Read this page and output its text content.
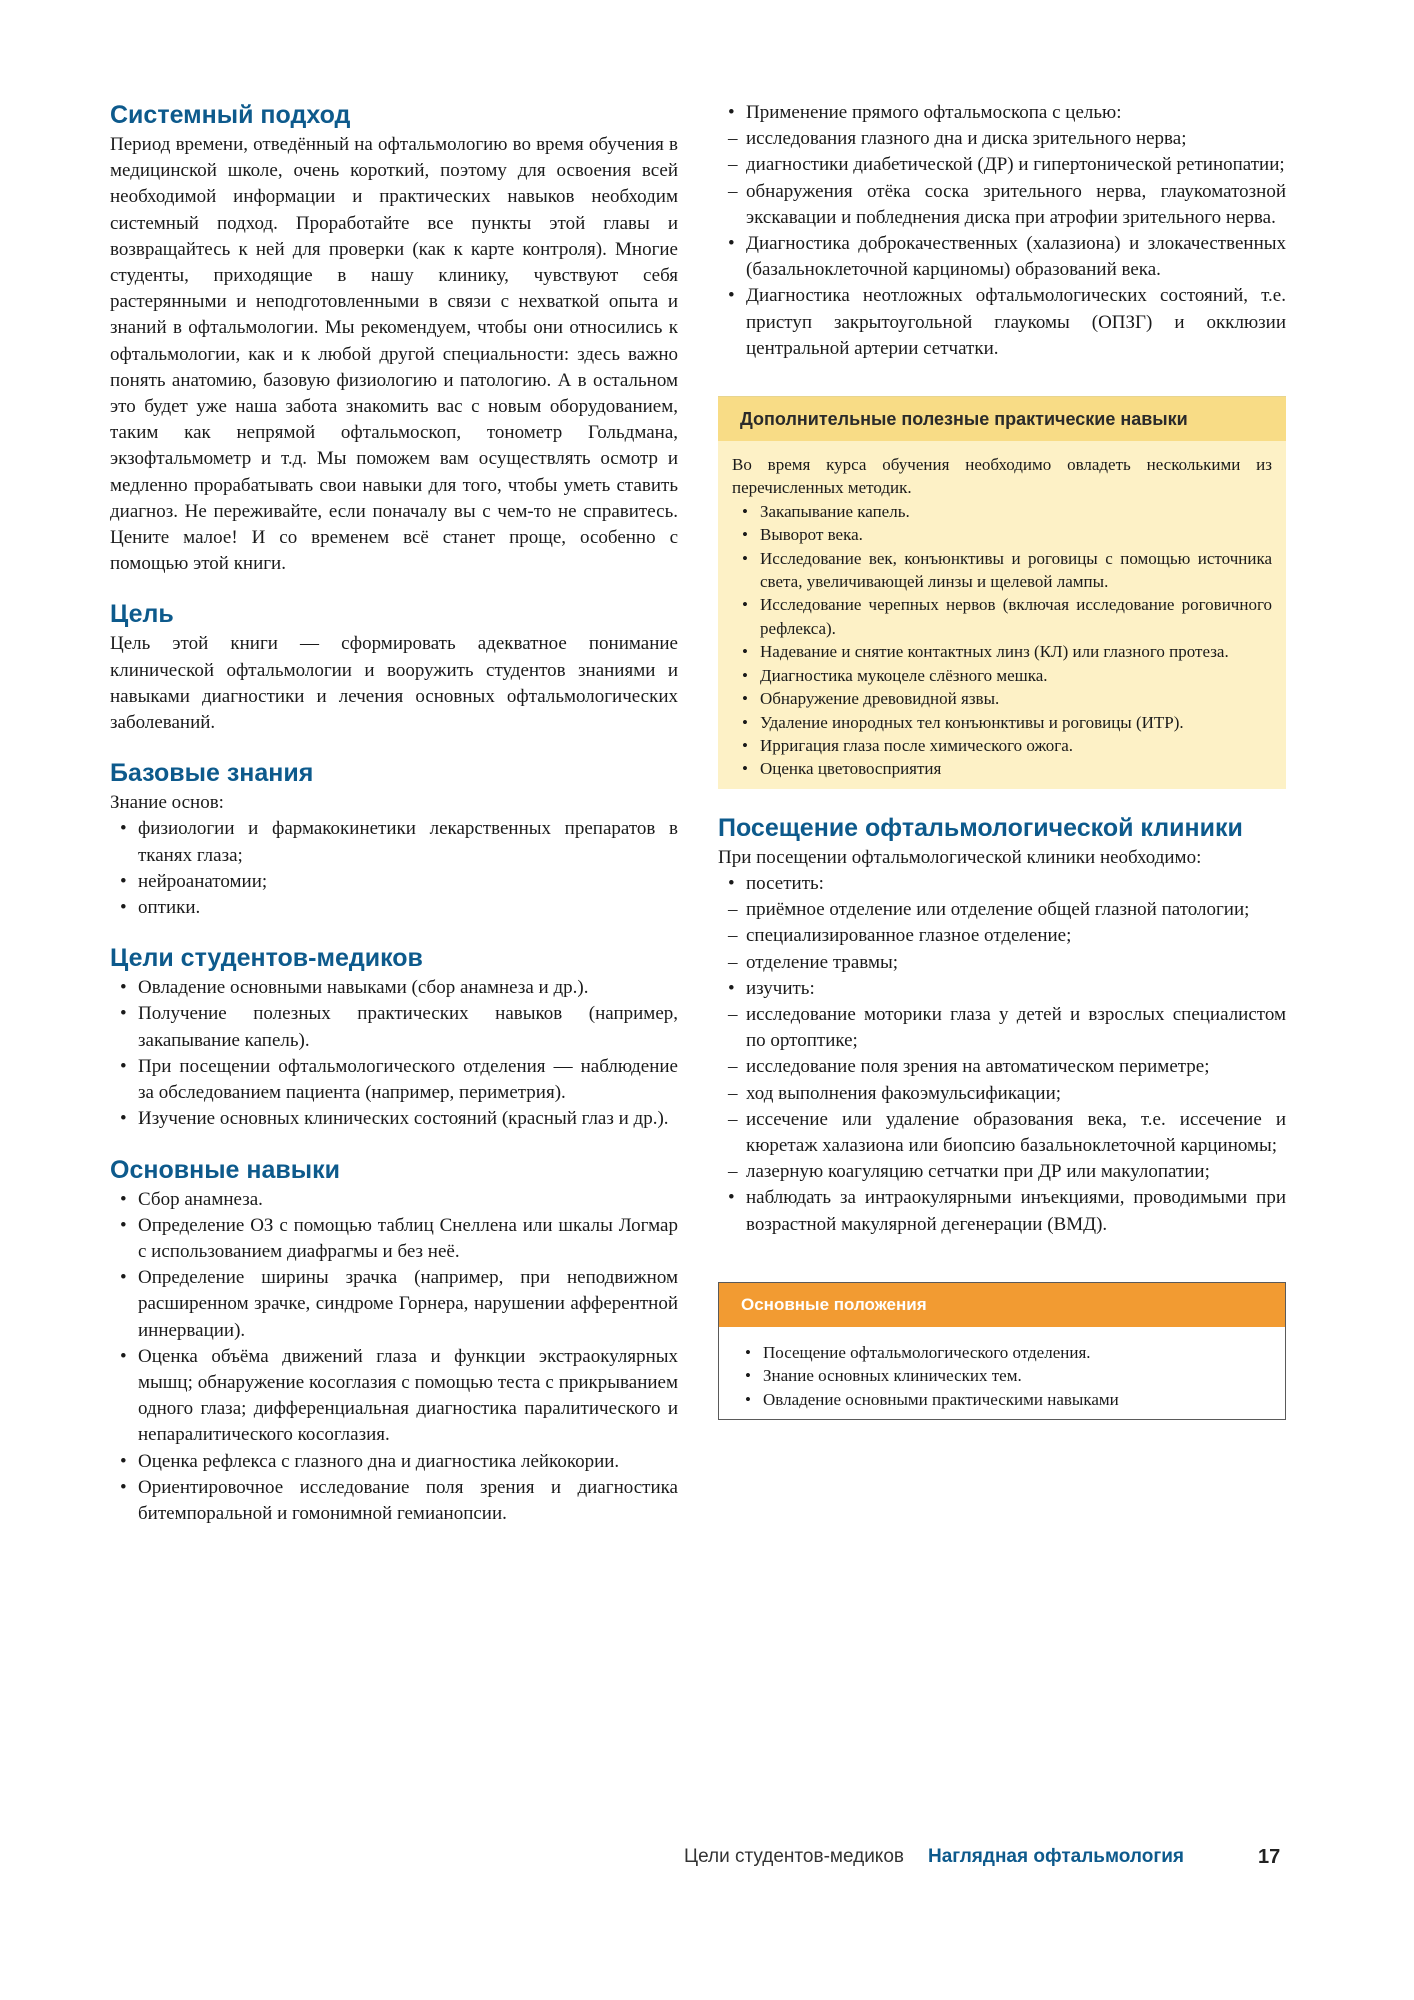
Системный подход

Период времени, отведённый на офтальмологию во время обучения в медицинской школе, очень короткий, поэтому для освоения всей необходимой информации и практических навыков необходим системный подход. Проработайте все пункты этой главы и возвращайтесь к ней для проверки (как к карте контроля). Многие студенты, приходящие в нашу клинику, чувствуют себя растерянными и неподготовленными в связи с нехваткой опыта и знаний в офтальмологии. Мы рекомендуем, чтобы они относились к офтальмологии, как и к любой другой специальности: здесь важно понять анатомию, базовую физиологию и патологию. А в остальном это будет уже наша забота знакомить вас с новым оборудованием, таким как непрямой офтальмоскоп, тонометр Гольдмана, экзофтальмометр и т.д. Мы поможем вам осуществлять осмотр и медленно прорабатывать свои навыки для того, чтобы уметь ставить диагноз. Не переживайте, если поначалу вы с чем-то не справитесь. Цените малое! И со временем всё станет проще, особенно с помощью этой книги.

Цель

Цель этой книги — сформировать адекватное понимание клинической офтальмологии и вооружить студентов знаниями и навыками диагностики и лечения основных офтальмологических заболеваний.

Базовые знания

Знание основ:

• физиологии и фармакокинетики лекарственных препаратов в тканях глаза;
• нейроанатомии;
• оптики.
Цели студентов-медиков
• Овладение основными навыками (сбор анамнеза и др.).
• Получение полезных практических навыков (например, закапывание капель).
• При посещении офтальмологического отделения — наблюдение за обследованием пациента (например, периметрия).
• Изучение основных клинических состояний (красный глаз и др.).
Основные навыки
• Сбор анамнеза.
• Определение ОЗ с помощью таблиц Снеллена или шкалы Логмар с использованием диафрагмы и без неё.
• Определение ширины зрачка (например, при неподвижном расширенном зрачке, синдроме Горнера, нарушении афферентной иннервации).
• Оценка объёма движений глаза и функции экстраокулярных мышц; обнаружение косоглазия с помощью теста с прикрыванием одного глаза; дифференциальная диагностика паралитического и непаралитического косоглазия.
• Оценка рефлекса с глазного дна и диагностика лейкокории.
• Ориентировочное исследование поля зрения и диагностика битемпоральной и гомонимной гемианопсии.
• Применение прямого офтальмоскопа с целью:
– исследования глазного дна и диска зрительного нерва;
– диагностики диабетической (ДР) и гипертонической ретинопатии;
– обнаружения отёка соска зрительного нерва, глаукоматозной экскавации и побледнения диска при атрофии зрительного нерва.
• Диагностика доброкачественных (халазиона) и злокачественных (базальноклеточной карциномы) образований века.
• Диагностика неотложных офтальмологических состояний, т.е. приступ закрытоугольной глаукомы (ОПЗГ) и окклюзии центральной артерии сетчатки.
Дополнительные полезные практические навыки

Во время курса обучения необходимо овладеть несколькими из перечисленных методик.

• Закапывание капель.
• Выворот века.
• Исследование век, конъюнктивы и роговицы с помощью источника света, увеличивающей линзы и щелевой лампы.
• Исследование черепных нервов (включая исследование роговичного рефлекса).
• Надевание и снятие контактных линз (КЛ) или глазного протеза.
• Диагностика мукоцеле слёзного мешка.
• Обнаружение древовидной язвы.
• Удаление инородных тел конъюнктивы и роговицы (ИТР).
• Ирригация глаза после химического ожога.
• Оценка цветовосприятия
Посещение офтальмологической клиники

При посещении офтальмологической клиники необходимо:

• посетить:
– приёмное отделение или отделение общей глазной патологии;
– специализированное глазное отделение;
– отделение травмы;
• изучить:
– исследование моторики глаза у детей и взрослых специалистом по ортоптике;
– исследование поля зрения на автоматическом периметре;
– ход выполнения факоэмульсификации;
– иссечение или удаление образования века, т.е. иссечение и кюретаж халазиона или биопсию базальноклеточной карциномы;
– лазерную коагуляцию сетчатки при ДР или макулопатии;
• наблюдать за интраокулярными инъекциями, проводимыми при возрастной макулярной дегенерации (ВМД).
Основные положения
• Посещение офтальмологического отделения.
• Знание основных клинических тем.
• Овладение основными практическими навыками
Цели студентов-медиков Наглядная офтальмология	17
